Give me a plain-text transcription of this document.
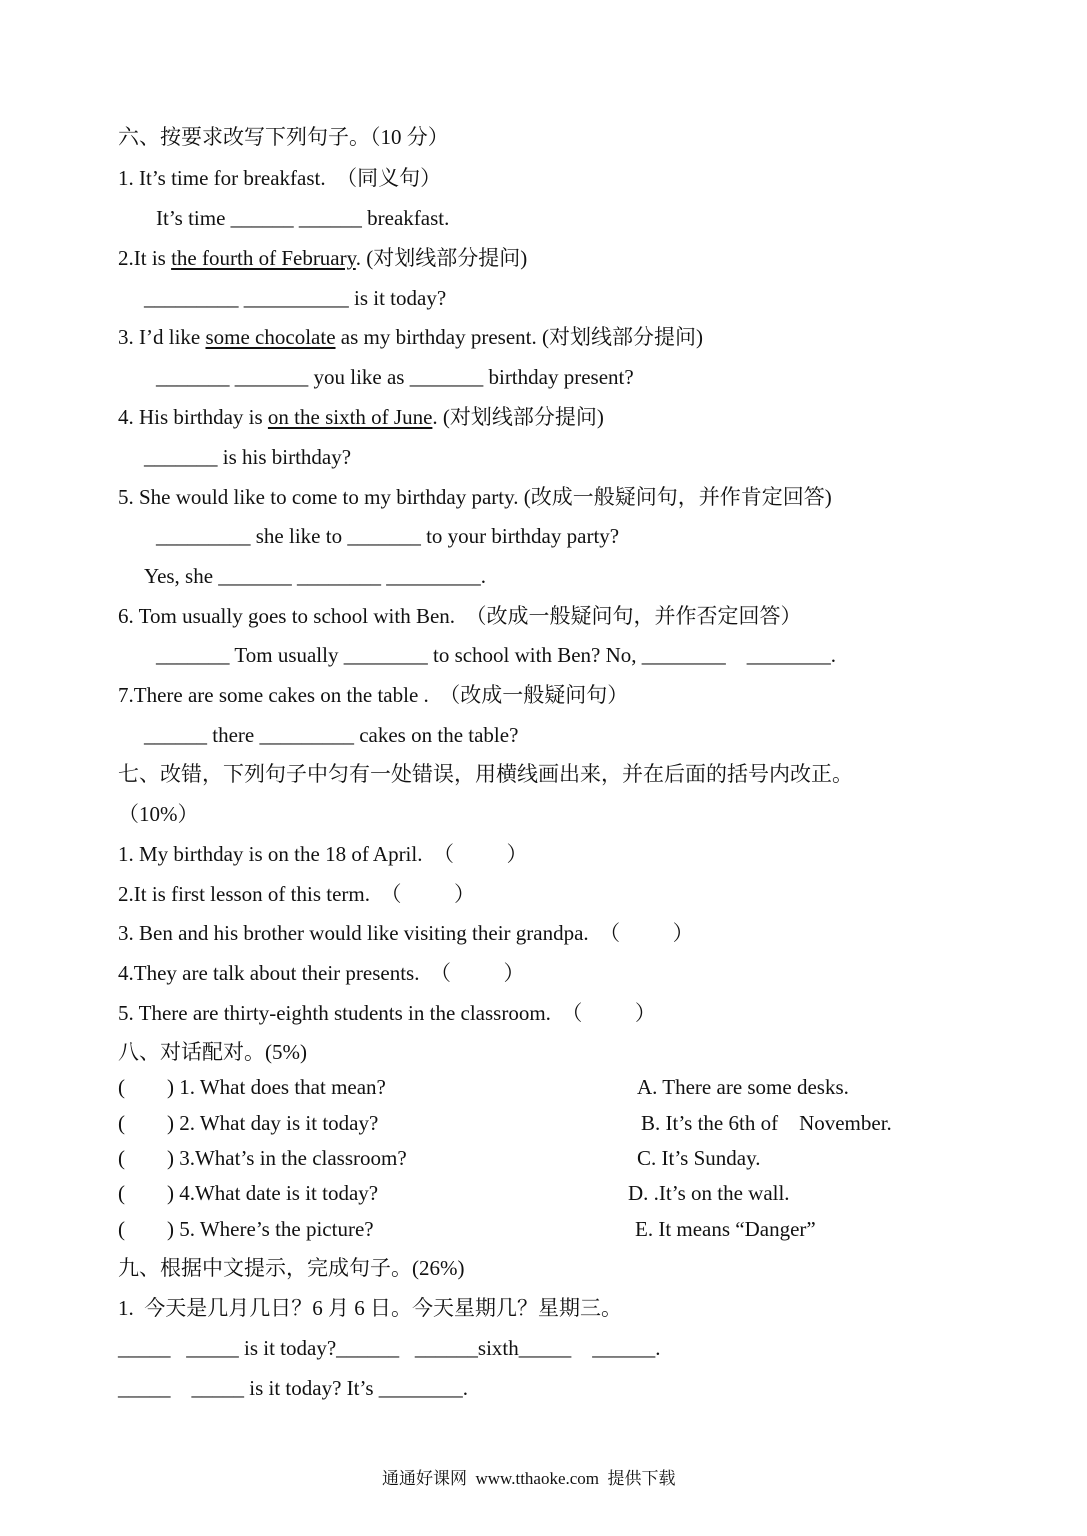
六、按要求改写下列句子。（10 分）
1. It’s time for breakfast.  （同义句）
It’s time ______ ______ breakfast.
2.It is the fourth of February. (对划线部分提问)
_________ __________ is it today?
3. I’d like some chocolate as my birthday present. (对划线部分提问)
_______ _______ you like as _______ birthday present?
4. His birthday is on the sixth of June. (对划线部分提问)
_______ is his birthday?
5. She would like to come to my birthday party. (改成一般疑问句，并作肯定回答)
_________ she like to _______ to your birthday party?
Yes, she _______ ________ _________.
6. Tom usually goes to school with Ben.  （改成一般疑问句，并作否定回答）
_______ Tom usually ________ to school with Ben? No, ________    ________.
7.There are some cakes on the table .  （改成一般疑问句）
______ there _________ cakes on the table?
七、改错，下列句子中匀有一处错误，用横线画出来，并在后面的括号内改正。
（10%）
1. My birthday is on the 18 of April.  （          ）
2.It is first lesson of this term.  （          ）
3. Ben and his brother would like visiting their grandpa.  （          ）
4.They are talk about their presents.  （          ）
5. There are thirty-eighth students in the classroom.  （          ）
八、对话配对。(5%)
(        ) 1. What does that mean?
(        ) 2. What day is it today?
(        ) 3.What’s in the classroom?
(        ) 4.What date is it today?
(        ) 5. Where’s the picture?
A. There are some desks.
B. It’s the 6th of    November.
C. It’s Sunday.
D. .It’s on the wall.
E. It means “Danger”
九、根据中文提示，完成句子。(26%)
1.  今天是几月几日？6 月 6 日。今天星期几？星期三。
_____   _____ is it today?______   ______sixth_____    ______.
_____    _____ is it today? It’s ________.
通通好课网  www.tthaoke.com  提供下载
